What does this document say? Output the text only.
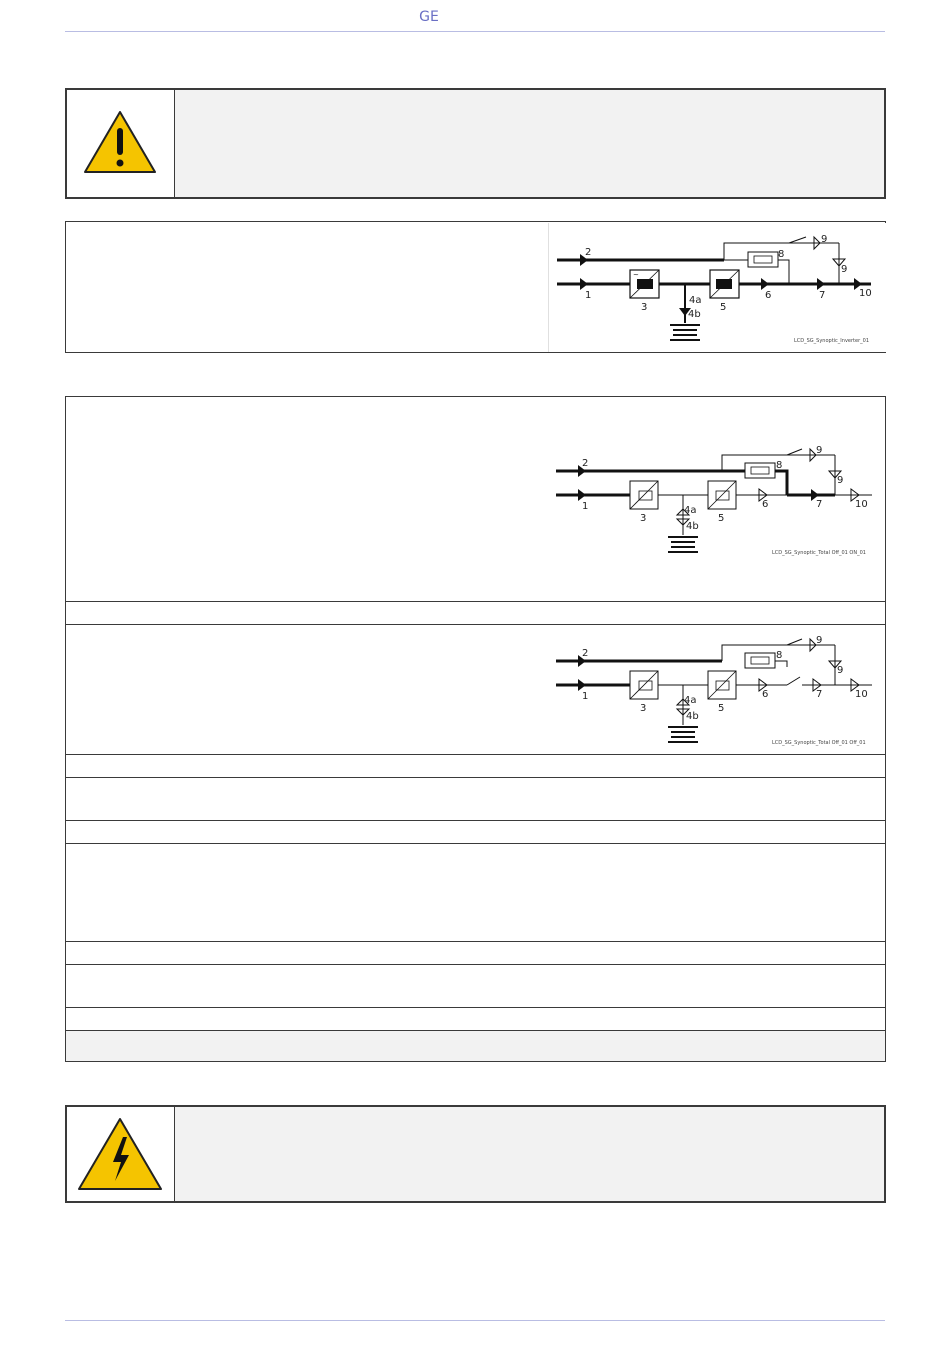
GE
~
2
1
3
4a
4b
5
6	7
8
9
9
10
LCD_SG_Synoptic_Inverter_01
2
1
3
4a
4b
5
6	7
8
9
9
10
LCD_SG_Synoptic_Total Off_01 ON_01
2
1
3
4a
4b
5
6	7
8
9
9
10
LCD_SG_Synoptic_Total Off_01 Off_01
